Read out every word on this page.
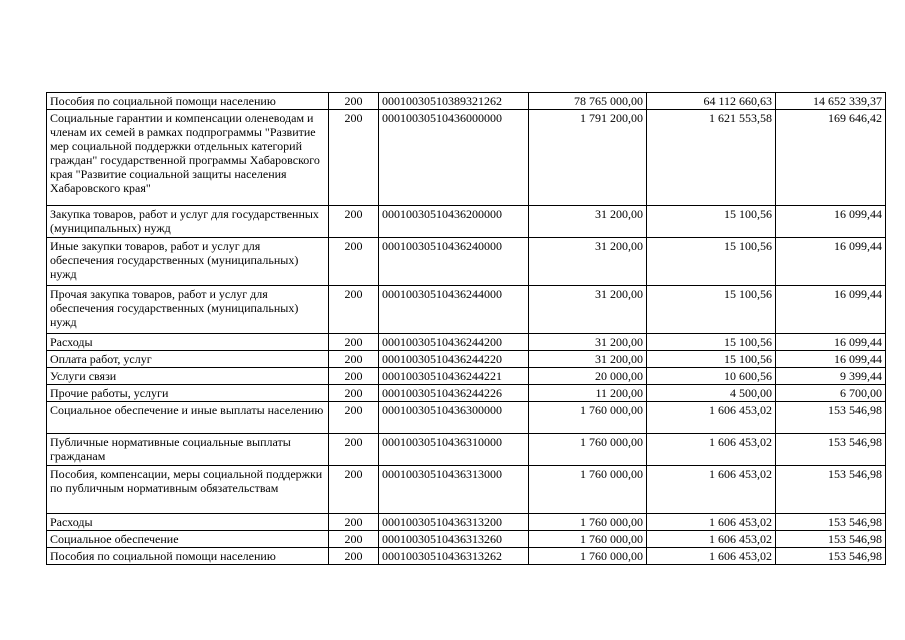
Пособия по социальной помощи населению	200	00010030510389321262	78 765 000,00	64 112 660,63	14 652 339,37
Социальные гарантии и компенсации оленеводам и членам их семей в рамках подпрограммы "Развитие мер социальной поддержки отдельных категорий граждан" государственной программы Хабаровского края "Развитие социальной защиты населения Хабаровского края"	200	00010030510436000000	1 791 200,00	1 621 553,58	169 646,42
Закупка товаров, работ и услуг для государственных (муниципальных) нужд	200	00010030510436200000	31 200,00	15 100,56	16 099,44
Иные закупки товаров, работ и услуг для обеспечения государственных (муниципальных) нужд	200	00010030510436240000	31 200,00	15 100,56	16 099,44
Прочая закупка товаров, работ и услуг для обеспечения государственных (муниципальных) нужд	200	00010030510436244000	31 200,00	15 100,56	16 099,44
Расходы	200	00010030510436244200	31 200,00	15 100,56	16 099,44
Оплата работ, услуг	200	00010030510436244220	31 200,00	15 100,56	16 099,44
Услуги связи	200	00010030510436244221	20 000,00	10 600,56	9 399,44
Прочие работы, услуги	200	00010030510436244226	11 200,00	4 500,00	6 700,00
Социальное обеспечение и иные выплаты населению	200	00010030510436300000	1 760 000,00	1 606 453,02	153 546,98
Публичные нормативные социальные выплаты гражданам	200	00010030510436310000	1 760 000,00	1 606 453,02	153 546,98
Пособия, компенсации, меры социальной поддержки по публичным нормативным обязательствам	200	00010030510436313000	1 760 000,00	1 606 453,02	153 546,98
Расходы	200	00010030510436313200	1 760 000,00	1 606 453,02	153 546,98
Социальное обеспечение	200	00010030510436313260	1 760 000,00	1 606 453,02	153 546,98
Пособия по социальной помощи населению	200	00010030510436313262	1 760 000,00	1 606 453,02	153 546,98
